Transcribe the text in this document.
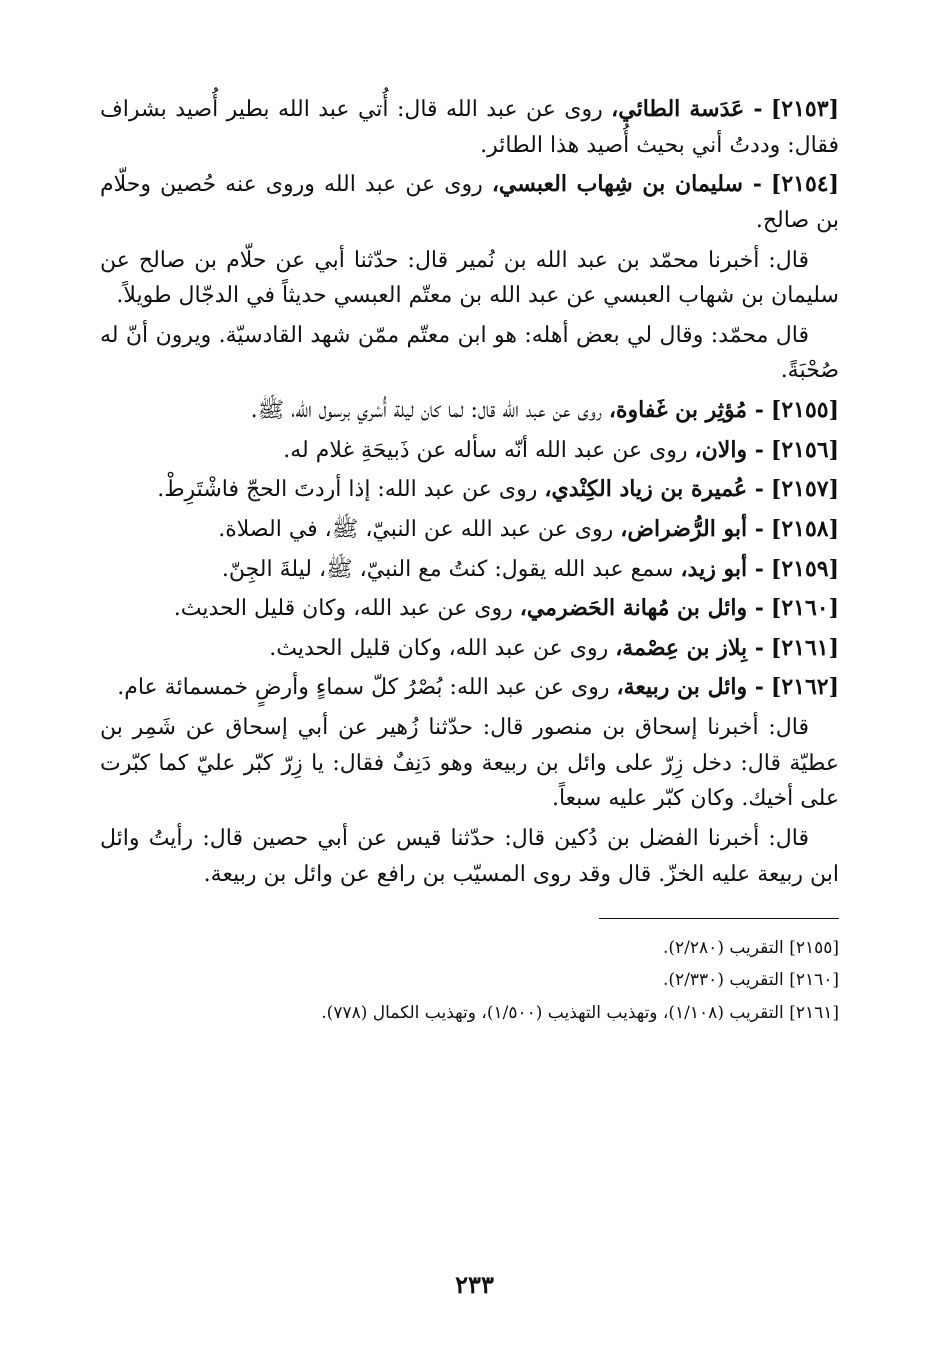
[٢١٥٣] - عَدَسة الطائي، روى عن عبد الله قال: أُتي عبد الله بطير أُصيد بشراف فقال: وددتُ أني بحيث أُصيد هذا الطائر.

[٢١٥٤] - سليمان بن شِهاب العبسي، روى عن عبد الله وروى عنه حُصين وحلّام بن صالح.

قال: أخبرنا محمّد بن عبد الله بن نُمير قال: حدّثنا أبي عن حلّام بن صالح عن سليمان بن شهاب العبسي عن عبد الله بن معتّم العبسي حديثاً في الدجّال طويلاً.

قال محمّد: وقال لي بعض أهله: هو ابن معتّم ممّن شهد القادسيّة. ويرون أنّ له صُحْبَةً.

[٢١٥٥] - مُؤثِر بن غَفاوة، روى عن عبد الله قال: لما كان ليلة أُسْري برسول الله، ﷺ.

[٢١٥٦] - والان، روى عن عبد الله أنّه سأله عن ذَبيحَةِ غلام له.

[٢١٥٧] - عُميرة بن زياد الكِنْدي، روى عن عبد الله: إذا أردتَ الحجّ فاشْتَرِطْ.

[٢١٥٨] - أبو الرُّضراض، روى عن عبد الله عن النبيّ، ﷺ، في الصلاة.

[٢١٥٩] - أبو زيد، سمع عبد الله يقول: كنتُ مع النبيّ، ﷺ، ليلةَ الجِنّ.

[٢١٦٠] - وائل بن مُهانة الحَضرمي، روى عن عبد الله، وكان قليل الحديث.

[٢١٦١] - بِلاز بن عِصْمة، روى عن عبد الله، وكان قليل الحديث.

[٢١٦٢] - وائل بن ربيعة، روى عن عبد الله: بُصْرُ كلّ سماءٍ وأرضٍ خمسمائة عام.

قال: أخبرنا إسحاق بن منصور قال: حدّثنا زُهير عن أبي إسحاق عن شَمِر بن عطيّة قال: دخل زِرّ على وائل بن ربيعة وهو دَنِفٌ فقال: يا زِرّ كبّر عليّ كما كبّرت على أخيك. وكان كبّر عليه سبعاً.

قال: أخبرنا الفضل بن دُكين قال: حدّثنا قيس عن أبي حصين قال: رأيتُ وائل ابن ربيعة عليه الخزّ. قال وقد روى المسيّب بن رافع عن وائل بن ربيعة.

[٢١٥٥] التقريب (٢/٢٨٠).

[٢١٦٠] التقريب (٢/٣٣٠).

[٢١٦١] التقريب (١/١٠٨)، وتهذيب التهذيب (١/٥٠٠)، وتهذيب الكمال (٧٧٨).

٢٣٣
